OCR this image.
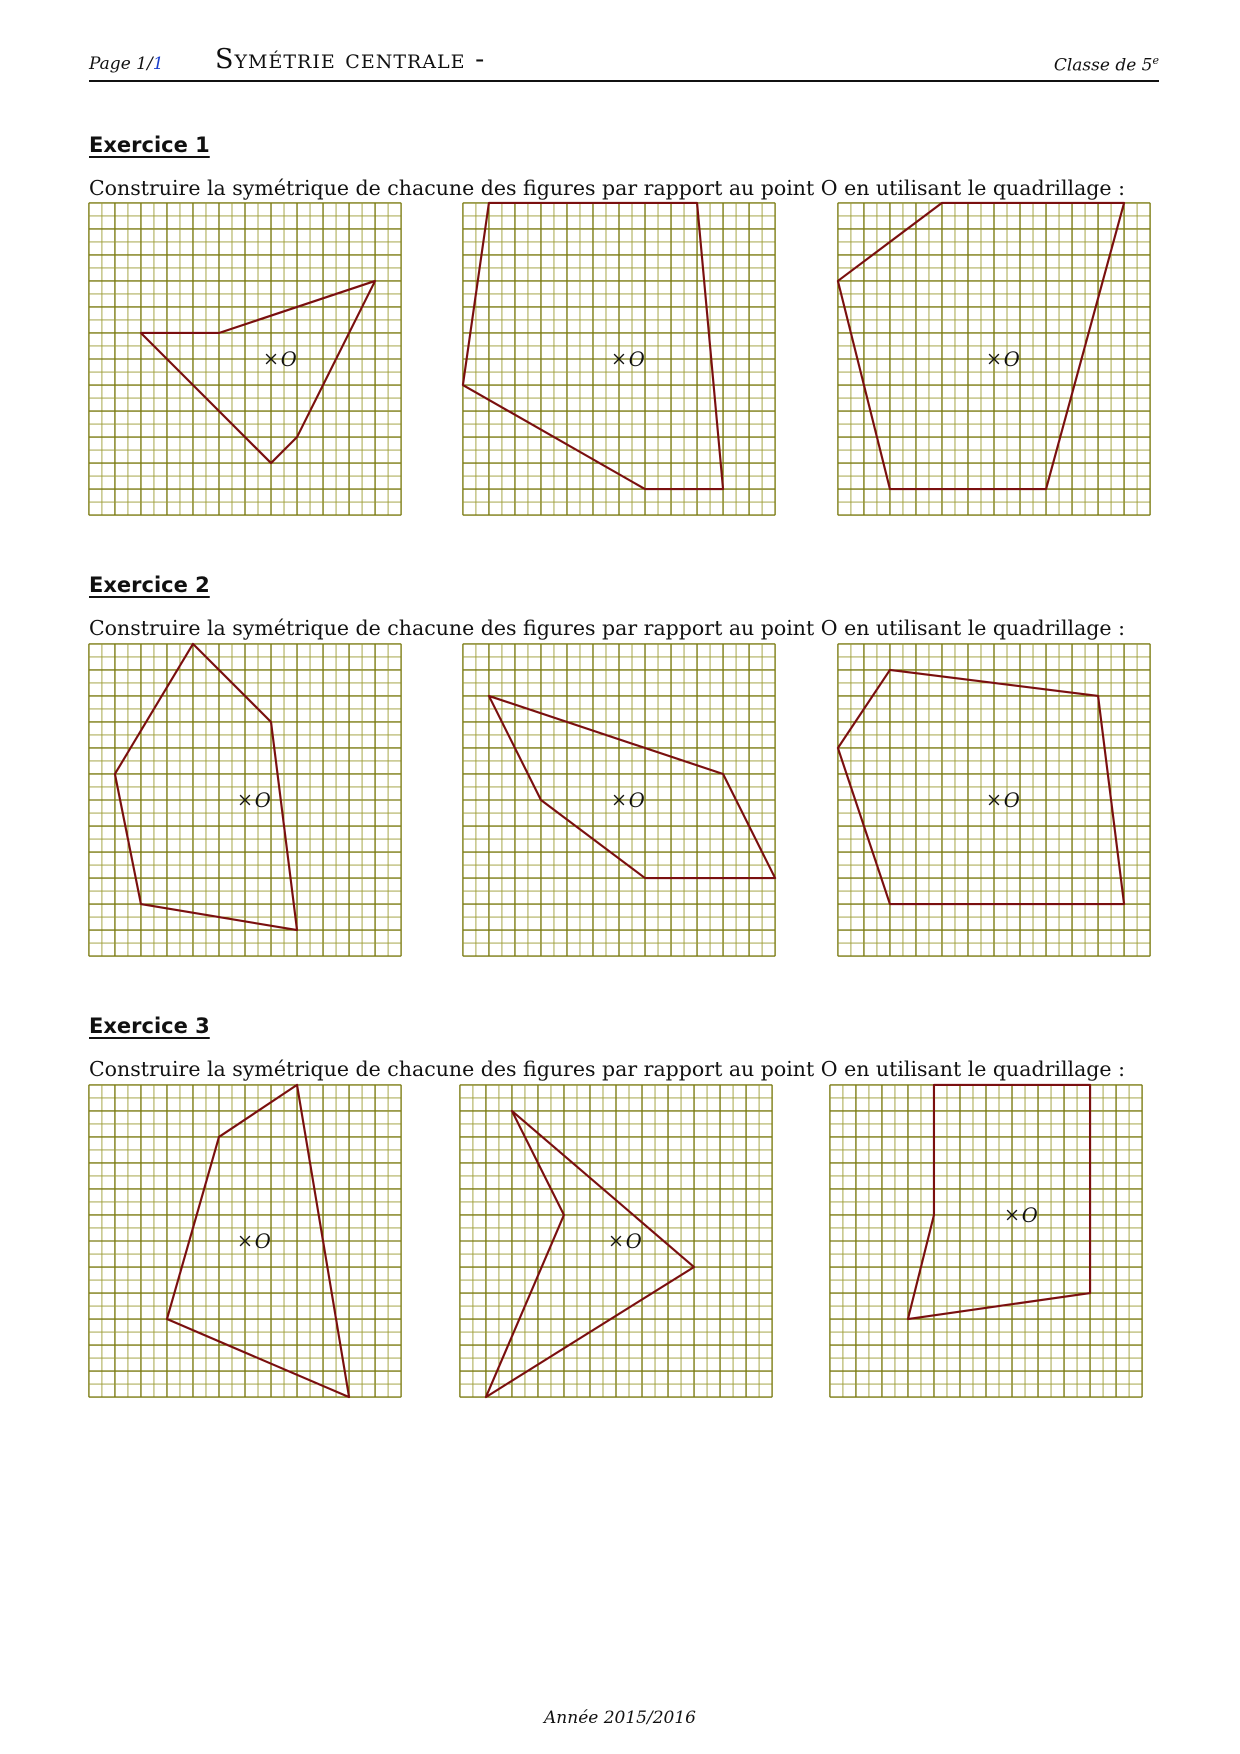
Page 1/1 Symétrie centrale -	Classe de 5e
Exercice 1
Construire la symétrique de chacune des figures par rapport au point O en utilisant le quadrillage :
O	O	O
Exercice 2
Construire la symétrique de chacune des figures par rapport au point O en utilisant le quadrillage :
O	O	O
Exercice 3
Construire la symétrique de chacune des figures par rapport au point O en utilisant le quadrillage :
O	O
O
Année 2015/2016
